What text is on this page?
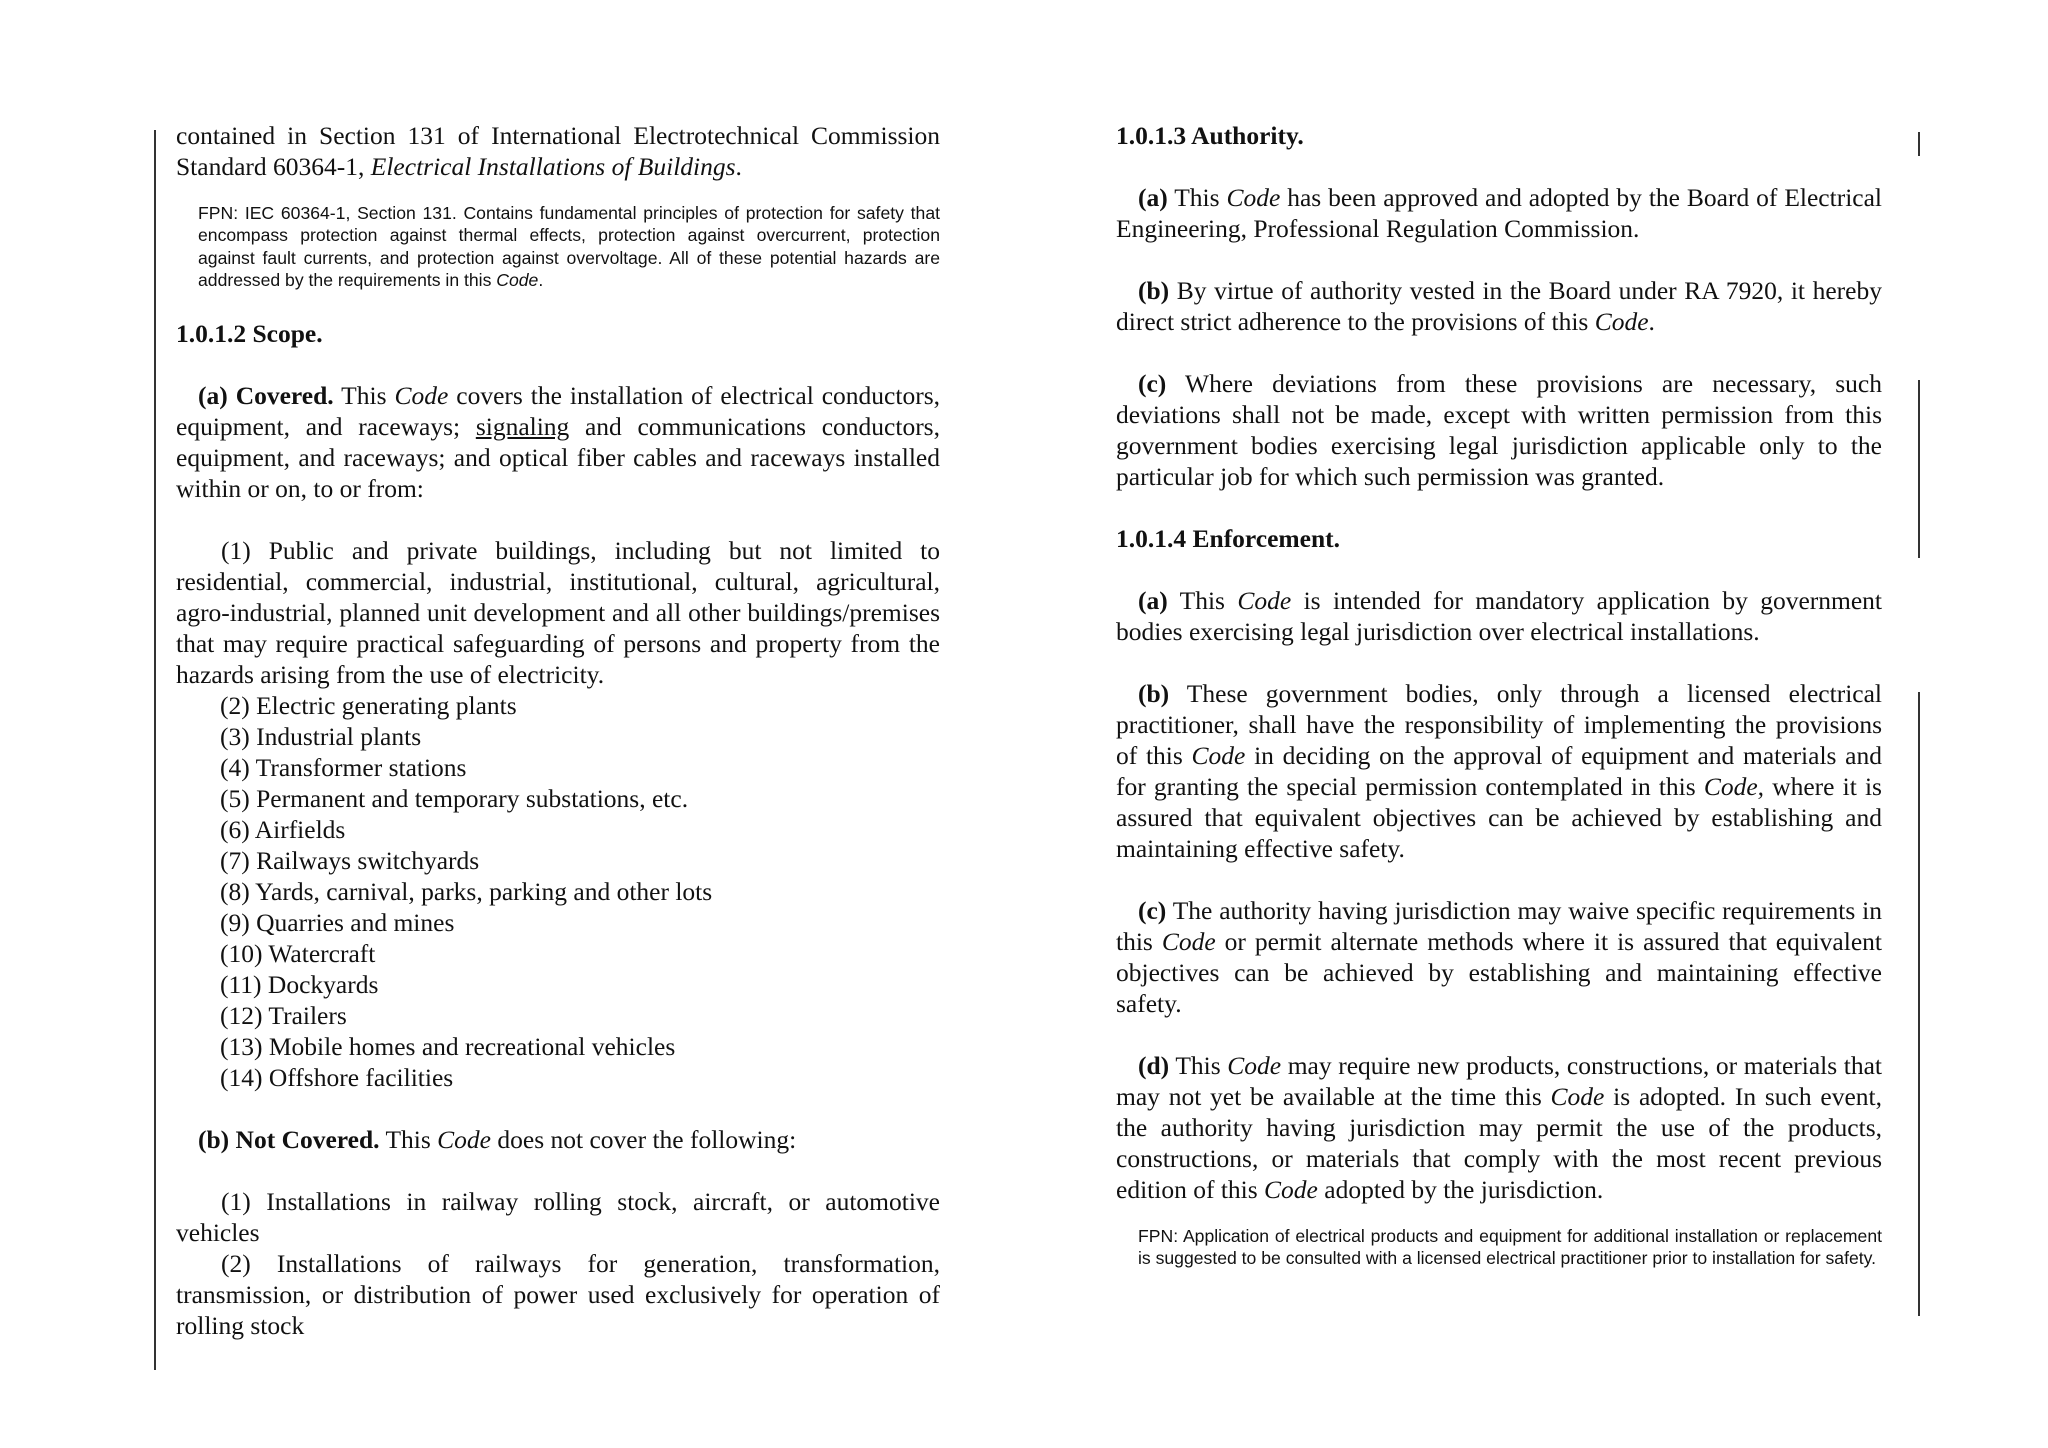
contained in Section 131 of International Electrotechnical Commission Standard 60364-1, Electrical Installations of Buildings.

FPN: IEC 60364-1, Section 131. Contains fundamental principles of protection for safety that encompass protection against thermal effects, protection against overcurrent, protection against fault currents, and protection against overvoltage. All of these potential hazards are addressed by the requirements in this Code.

1.0.1.2 Scope.

(a) Covered. This Code covers the installation of electrical conductors, equipment, and raceways; signaling and communications conductors, equipment, and raceways; and optical fiber cables and raceways installed within or on, to or from:

(1) Public and private buildings, including but not limited to residential, commercial, industrial, institutional, cultural, agricultural, agro-industrial, planned unit development and all other buildings/premises that may require practical safeguarding of persons and property from the hazards arising from the use of electricity.

(2) Electric generating plants

(3) Industrial plants

(4) Transformer stations

(5) Permanent and temporary substations, etc.

(6) Airfields

(7) Railways switchyards

(8) Yards, carnival, parks, parking and other lots

(9) Quarries and mines

(10) Watercraft

(11) Dockyards

(12) Trailers

(13) Mobile homes and recreational vehicles

(14) Offshore facilities

(b) Not Covered. This Code does not cover the following:

(1) Installations in railway rolling stock, aircraft, or automotive vehicles

(2) Installations of railways for generation, transformation, transmission, or distribution of power used exclusively for operation of rolling stock

1.0.1.3 Authority.

(a) This Code has been approved and adopted by the Board of Electrical Engineering, Professional Regulation Commission.

(b) By virtue of authority vested in the Board under RA 7920, it hereby direct strict adherence to the provisions of this Code.

(c) Where deviations from these provisions are necessary, such deviations shall not be made, except with written permission from this government bodies exercising legal jurisdiction applicable only to the particular job for which such permission was granted.

1.0.1.4 Enforcement.

(a) This Code is intended for mandatory application by government bodies exercising legal jurisdiction over electrical installations.

(b) These government bodies, only through a licensed electrical practitioner, shall have the responsibility of implementing the provisions of this Code in deciding on the approval of equipment and materials and for granting the special permission contemplated in this Code, where it is assured that equivalent objectives can be achieved by establishing and maintaining effective safety.

(c) The authority having jurisdiction may waive specific requirements in this Code or permit alternate methods where it is assured that equivalent objectives can be achieved by establishing and maintaining effective safety.

(d) This Code may require new products, constructions, or materials that may not yet be available at the time this Code is adopted. In such event, the authority having jurisdiction may permit the use of the products, constructions, or materials that comply with the most recent previous edition of this Code adopted by the jurisdiction.

FPN: Application of electrical products and equipment for additional installation or replacement is suggested to be consulted with a licensed electrical practitioner prior to installation for safety.
